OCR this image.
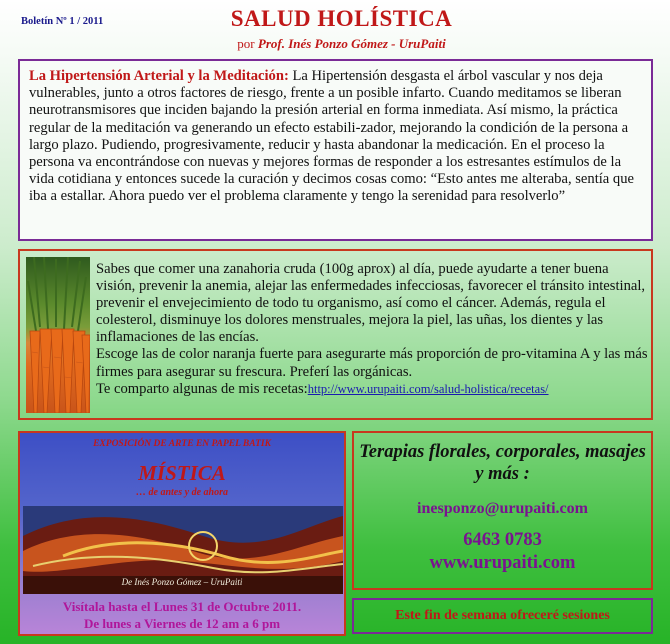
Boletín Nº 1 / 2011	SALUD HOLÍSTICA
por Prof. Inés Ponzo Gómez - UruPaiti
La Hipertensión Arterial y la Meditación: La Hipertensión desgasta el árbol vascular y nos deja vulnerables, junto a otros factores de riesgo, frente a un posible infarto. Cuando meditamos se liberan neurotransmisores que inciden bajando la presión arterial en forma inmediata. Así mismo, la práctica regular de la meditación va generando un efecto estabili-zador, mejorando la condición de la persona a largo plazo. Pudiendo, progresivamente, reducir y hasta abandonar la medicación. En el proceso la persona va encontrándose con nuevas y mejores formas de responder a los estresantes estímulos de la vida cotidiana y entonces sucede la curación y decimos cosas como: “Esto antes me alteraba, sentía que iba a estallar. Ahora puedo ver el problema claramente y tengo la serenidad para resolverlo”
Sabes que comer una zanahoria cruda (100g aprox) al día, puede ayudarte a tener buena visión, prevenir la anemia, alejar las enfermedades infecciosas, favorecer el tránsito intestinal, prevenir el envejecimiento de todo tu organismo, así como el cáncer. Además, regula el colesterol, disminuye los dolores menstruales, mejora la piel, las uñas, los dientes y las inflamaciones de las encías.
Escoge las de color naranja fuerte para asegurarte más proporción de pro-vitamina A y las más firmes para asegurar su frescura. Preferí las orgánicas.
Te comparto algunas de mis recetas:http://www.urupaiti.com/salud-holistica/recetas/
EXPOSICIÓN DE ARTE EN PAPEL BATIK
MÍSTICA
… de antes y de ahora
De Inés Ponzo Gómez – UruPaiti
Visítala hasta el Lunes 31 de Octubre 2011.
De lunes a Viernes de 12 am a 6 pm
Terapias florales, corporales, masajes y más :
inesponzo@urupaiti.com
6463 0783
www.urupaiti.com
Este fin de semana ofreceré sesiones
